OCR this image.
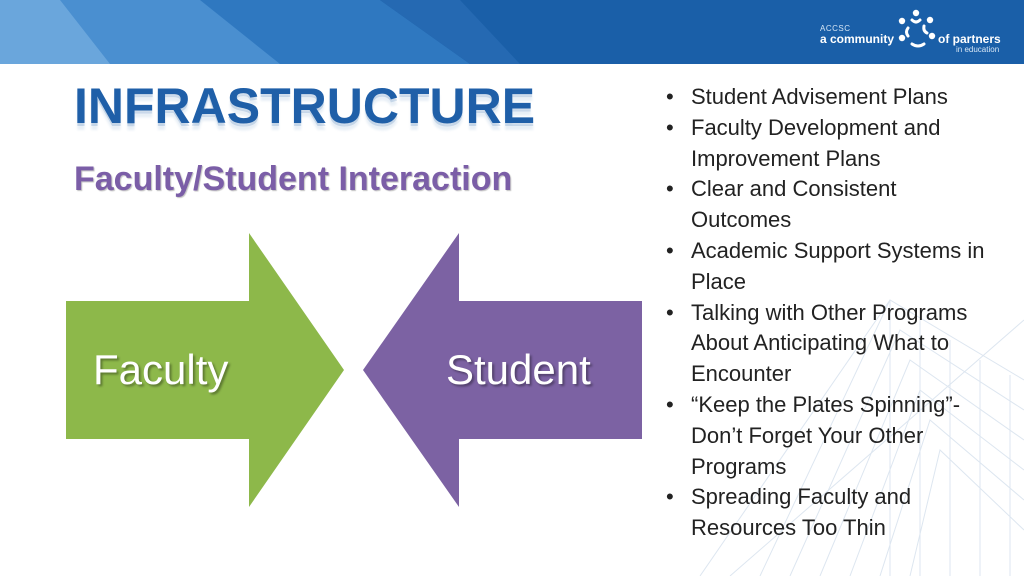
ACCSC
a community	of partners
in education
INFRASTRUCTURE
Faculty/Student Interaction
Faculty	Student
• Student Advisement Plans
• Faculty Development and Improvement Plans
• Clear and Consistent Outcomes
• Academic Support Systems in Place
• Talking with Other Programs About Anticipating What to Encounter
• “Keep the Plates Spinning”-Don’t Forget Your Other Programs
• Spreading Faculty and Resources Too Thin
